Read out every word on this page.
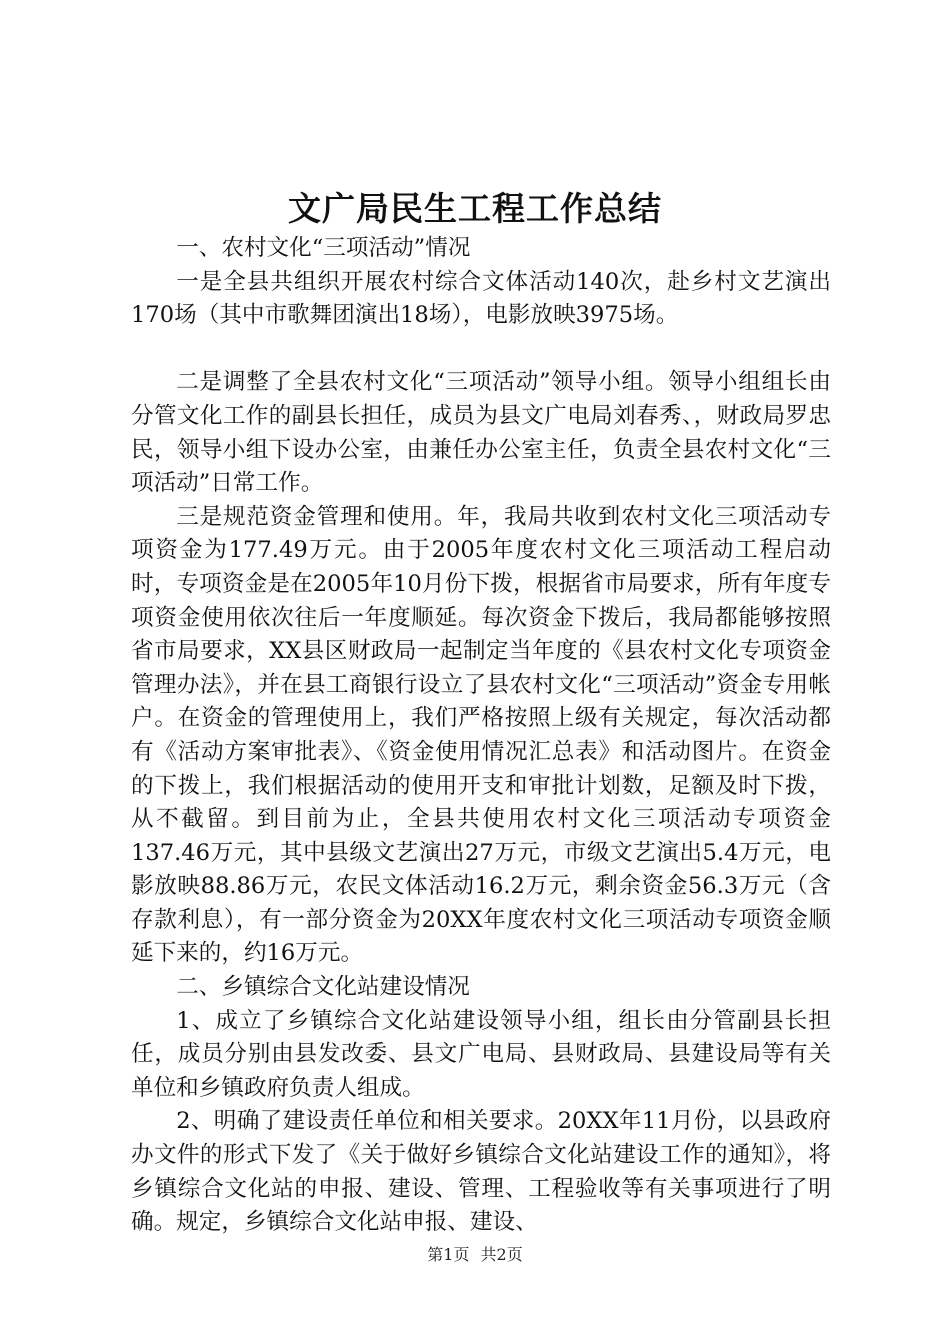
文广局民生工程工作总结

一、农村文化“三项活动”情况

一是全县共组织开展农村综合文体活动140次，赴乡村文艺演出170场（其中市歌舞团演出18场），电影放映3975场。

二是调整了全县农村文化“三项活动”领导小组。领导小组组长由分管文化工作的副县长担任，成员为县文广电局刘春秀、，财政局罗忠民，领导小组下设办公室，由兼任办公室主任，负责全县农村文化“三项活动”日常工作。

三是规范资金管理和使用。年，我局共收到农村文化三项活动专项资金为177.49万元。由于2005年度农村文化三项活动工程启动时，专项资金是在2005年10月份下拨，根据省市局要求，所有年度专项资金使用依次往后一年度顺延。每次资金下拨后，我局都能够按照省市局要求，XX县区财政局一起制定当年度的《县农村文化专项资金管理办法》，并在县工商银行设立了县农村文化“三项活动”资金专用帐户。在资金的管理使用上，我们严格按照上级有关规定，每次活动都有《活动方案审批表》、《资金使用情况汇总表》和活动图片。在资金的下拨上，我们根据活动的使用开支和审批计划数，足额及时下拨，从不截留。到目前为止，全县共使用农村文化三项活动专项资金137.46万元，其中县级文艺演出27万元，市级文艺演出5.4万元，电影放映88.86万元，农民文体活动16.2万元，剩余资金56.3万元（含存款利息），有一部分资金为20XX年度农村文化三项活动专项资金顺延下来的，约16万元。

二、乡镇综合文化站建设情况

1、成立了乡镇综合文化站建设领导小组，组长由分管副县长担任，成员分别由县发改委、县文广电局、县财政局、县建设局等有关单位和乡镇政府负责人组成。

2、明确了建设责任单位和相关要求。20XX年11月份，以县政府办文件的形式下发了《关于做好乡镇综合文化站建设工作的通知》，将乡镇综合文化站的申报、建设、管理、工程验收等有关事项进行了明确。规定，乡镇综合文化站申报、建设、

第1页 共2页
